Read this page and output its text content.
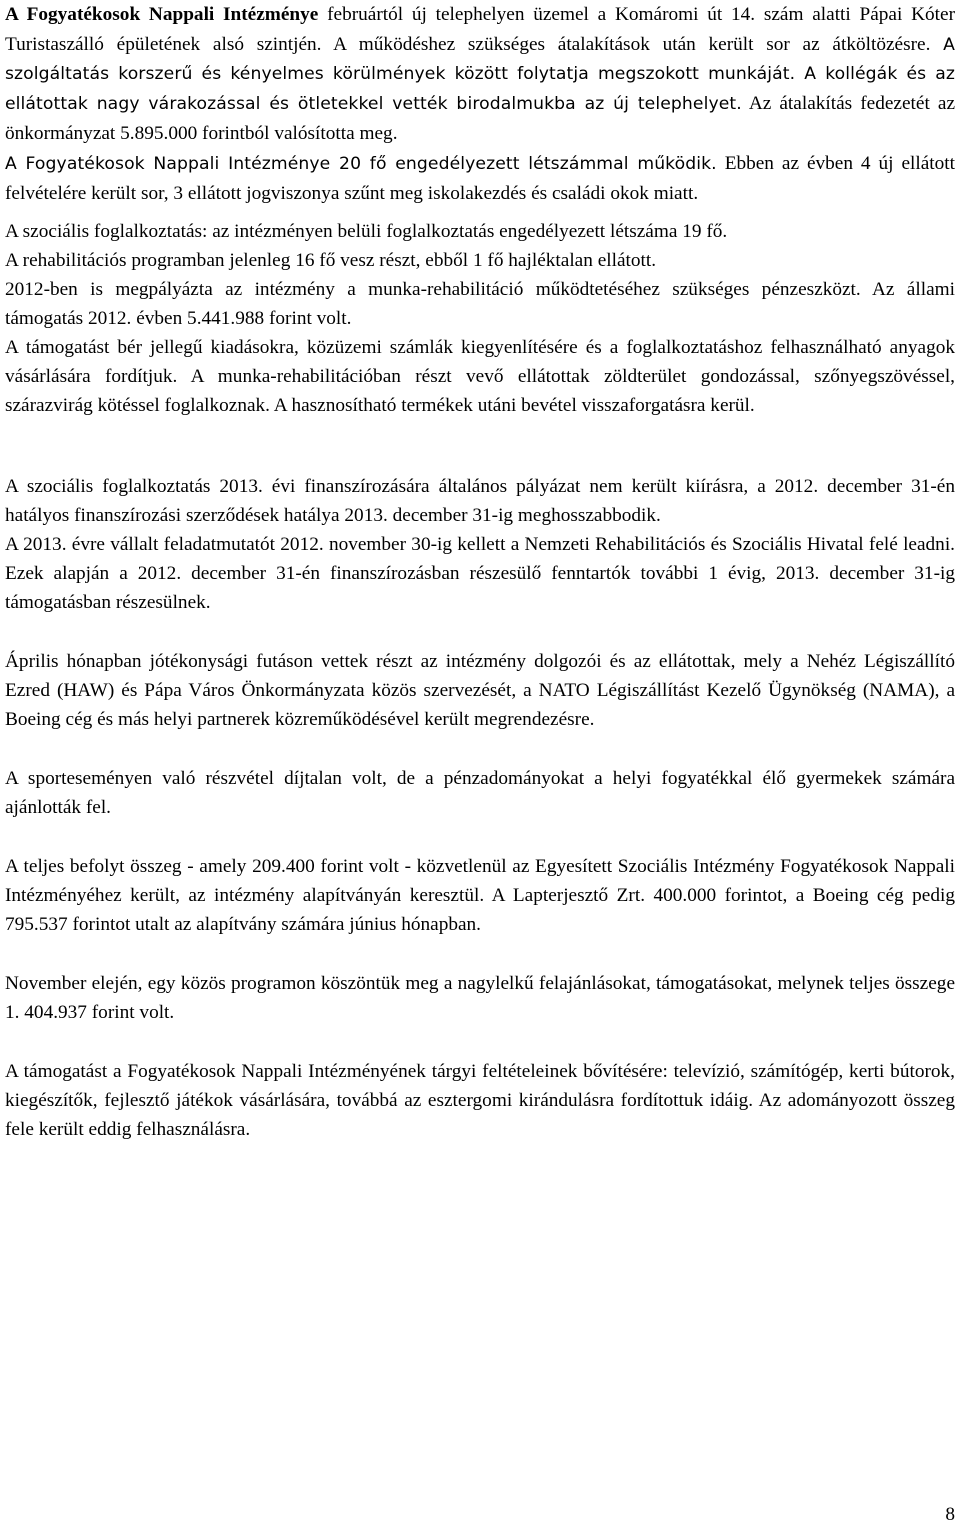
A Fogyatékosok Nappali Intézménye februártól új telephelyen üzemel a Komáromi út 14. szám alatti Pápai Kóter Turistaszálló épületének alsó szintjén. A működéshez szükséges átalakítások után került sor az átköltözésre. A szolgáltatás korszerű és kényelmes körülmények között folytatja megszokott munkáját. A kollégák és az ellátottak nagy várakozással és ötletekkel vették birodalmukba az új telephelyet. Az átalakítás fedezetét az önkormányzat 5.895.000 forintból valósította meg.

A Fogyatékosok Nappali Intézménye 20 fő engedélyezett létszámmal működik. Ebben az évben 4 új ellátott felvételére került sor, 3 ellátott jogviszonya szűnt meg iskolakezdés és családi okok miatt.

A szociális foglalkoztatás: az intézményen belüli foglalkoztatás engedélyezett létszáma 19 fő.

A rehabilitációs programban jelenleg 16 fő vesz részt, ebből 1 fő hajléktalan ellátott.

2012-ben is megpályázta az intézmény a munka-rehabilitáció működtetéséhez szükséges pénzeszközt. Az állami támogatás 2012. évben 5.441.988 forint volt.

A támogatást bér jellegű kiadásokra, közüzemi számlák kiegyenlítésére és a foglalkoztatáshoz felhasználható anyagok vásárlására fordítjuk. A munka-rehabilitációban részt vevő ellátottak zöldterület gondozással, szőnyegszövéssel, szárazvirág kötéssel foglalkoznak. A hasznosítható termékek utáni bevétel visszaforgatásra kerül.

A szociális foglalkoztatás 2013. évi finanszírozására általános pályázat nem került kiírásra, a 2012. december 31-én hatályos finanszírozási szerződések hatálya 2013. december 31-ig meghosszabbodik.

A 2013. évre vállalt feladatmutatót 2012. november 30-ig kellett a Nemzeti Rehabilitációs és Szociális Hivatal felé leadni. Ezek alapján a 2012. december 31-én finanszírozásban részesülő fenntartók további 1 évig, 2013. december 31-ig támogatásban részesülnek.

Április hónapban jótékonysági futáson vettek részt az intézmény dolgozói és az ellátottak, mely a Nehéz Légiszállító Ezred (HAW) és Pápa Város Önkormányzata közös szervezését, a NATO Légiszállítást Kezelő Ügynökség (NAMA), a Boeing cég és más helyi partnerek közreműködésével került megrendezésre.

A sporteseményen való részvétel díjtalan volt, de a pénzadományokat a helyi fogyatékkal élő gyermekek számára ajánlották fel.

A teljes befolyt összeg - amely 209.400 forint volt - közvetlenül az Egyesített Szociális Intézmény Fogyatékosok Nappali Intézményéhez került, az intézmény alapítványán keresztül. A Lapterjesztő Zrt. 400.000 forintot, a Boeing cég pedig 795.537 forintot utalt az alapítvány számára június hónapban.

November elején, egy közös programon köszöntük meg a nagylelkű felajánlásokat, támogatásokat, melynek teljes összege 1. 404.937 forint volt.

A támogatást a Fogyatékosok Nappali Intézményének tárgyi feltételeinek bővítésére: televízió, számítógép, kerti bútorok, kiegészítők, fejlesztő játékok vásárlására, továbbá az esztergomi kirándulásra fordítottuk idáig. Az adományozott összeg fele került eddig felhasználásra.

8
